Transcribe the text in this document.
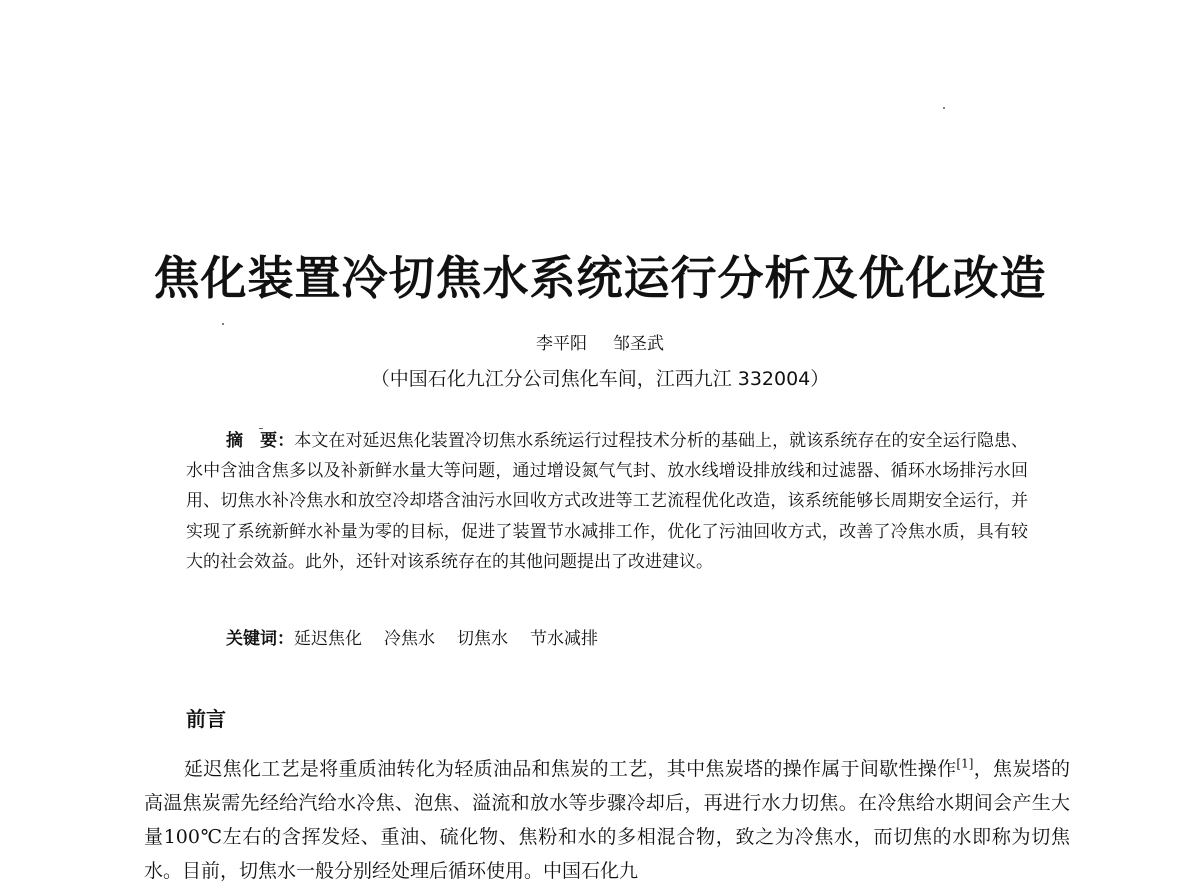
焦化装置冷切焦水系统运行分析及优化改造
李平阳 邹圣武
（中国石化九江分公司焦化车间，江西九江 332004）
摘　要：本文在对延迟焦化装置冷切焦水系统运行过程技术分析的基础上，就该系统存在的安全运行隐患、水中含油含焦多以及补新鲜水量大等问题，通过增设氮气气封、放水线增设排放线和过滤器、循环水场排污水回用、切焦水补冷焦水和放空冷却塔含油污水回收方式改进等工艺流程优化改造，该系统能够长周期安全运行，并实现了系统新鲜水补量为零的目标，促进了装置节水减排工作，优化了污油回收方式，改善了冷焦水质，具有较大的社会效益。此外，还针对该系统存在的其他问题提出了改进建议。
关键词：延迟焦化 冷焦水 切焦水 节水减排
前言
延迟焦化工艺是将重质油转化为轻质油品和焦炭的工艺，其中焦炭塔的操作属于间歇性操作[1]，焦炭塔的高温焦炭需先经给汽给水冷焦、泡焦、溢流和放水等步骤冷却后，再进行水力切焦。在冷焦给水期间会产生大量100℃左右的含挥发烃、重油、硫化物、焦粉和水的多相混合物，致之为冷焦水，而切焦的水即称为切焦水。目前，切焦水一般分别经处理后循环使用。中国石化九
